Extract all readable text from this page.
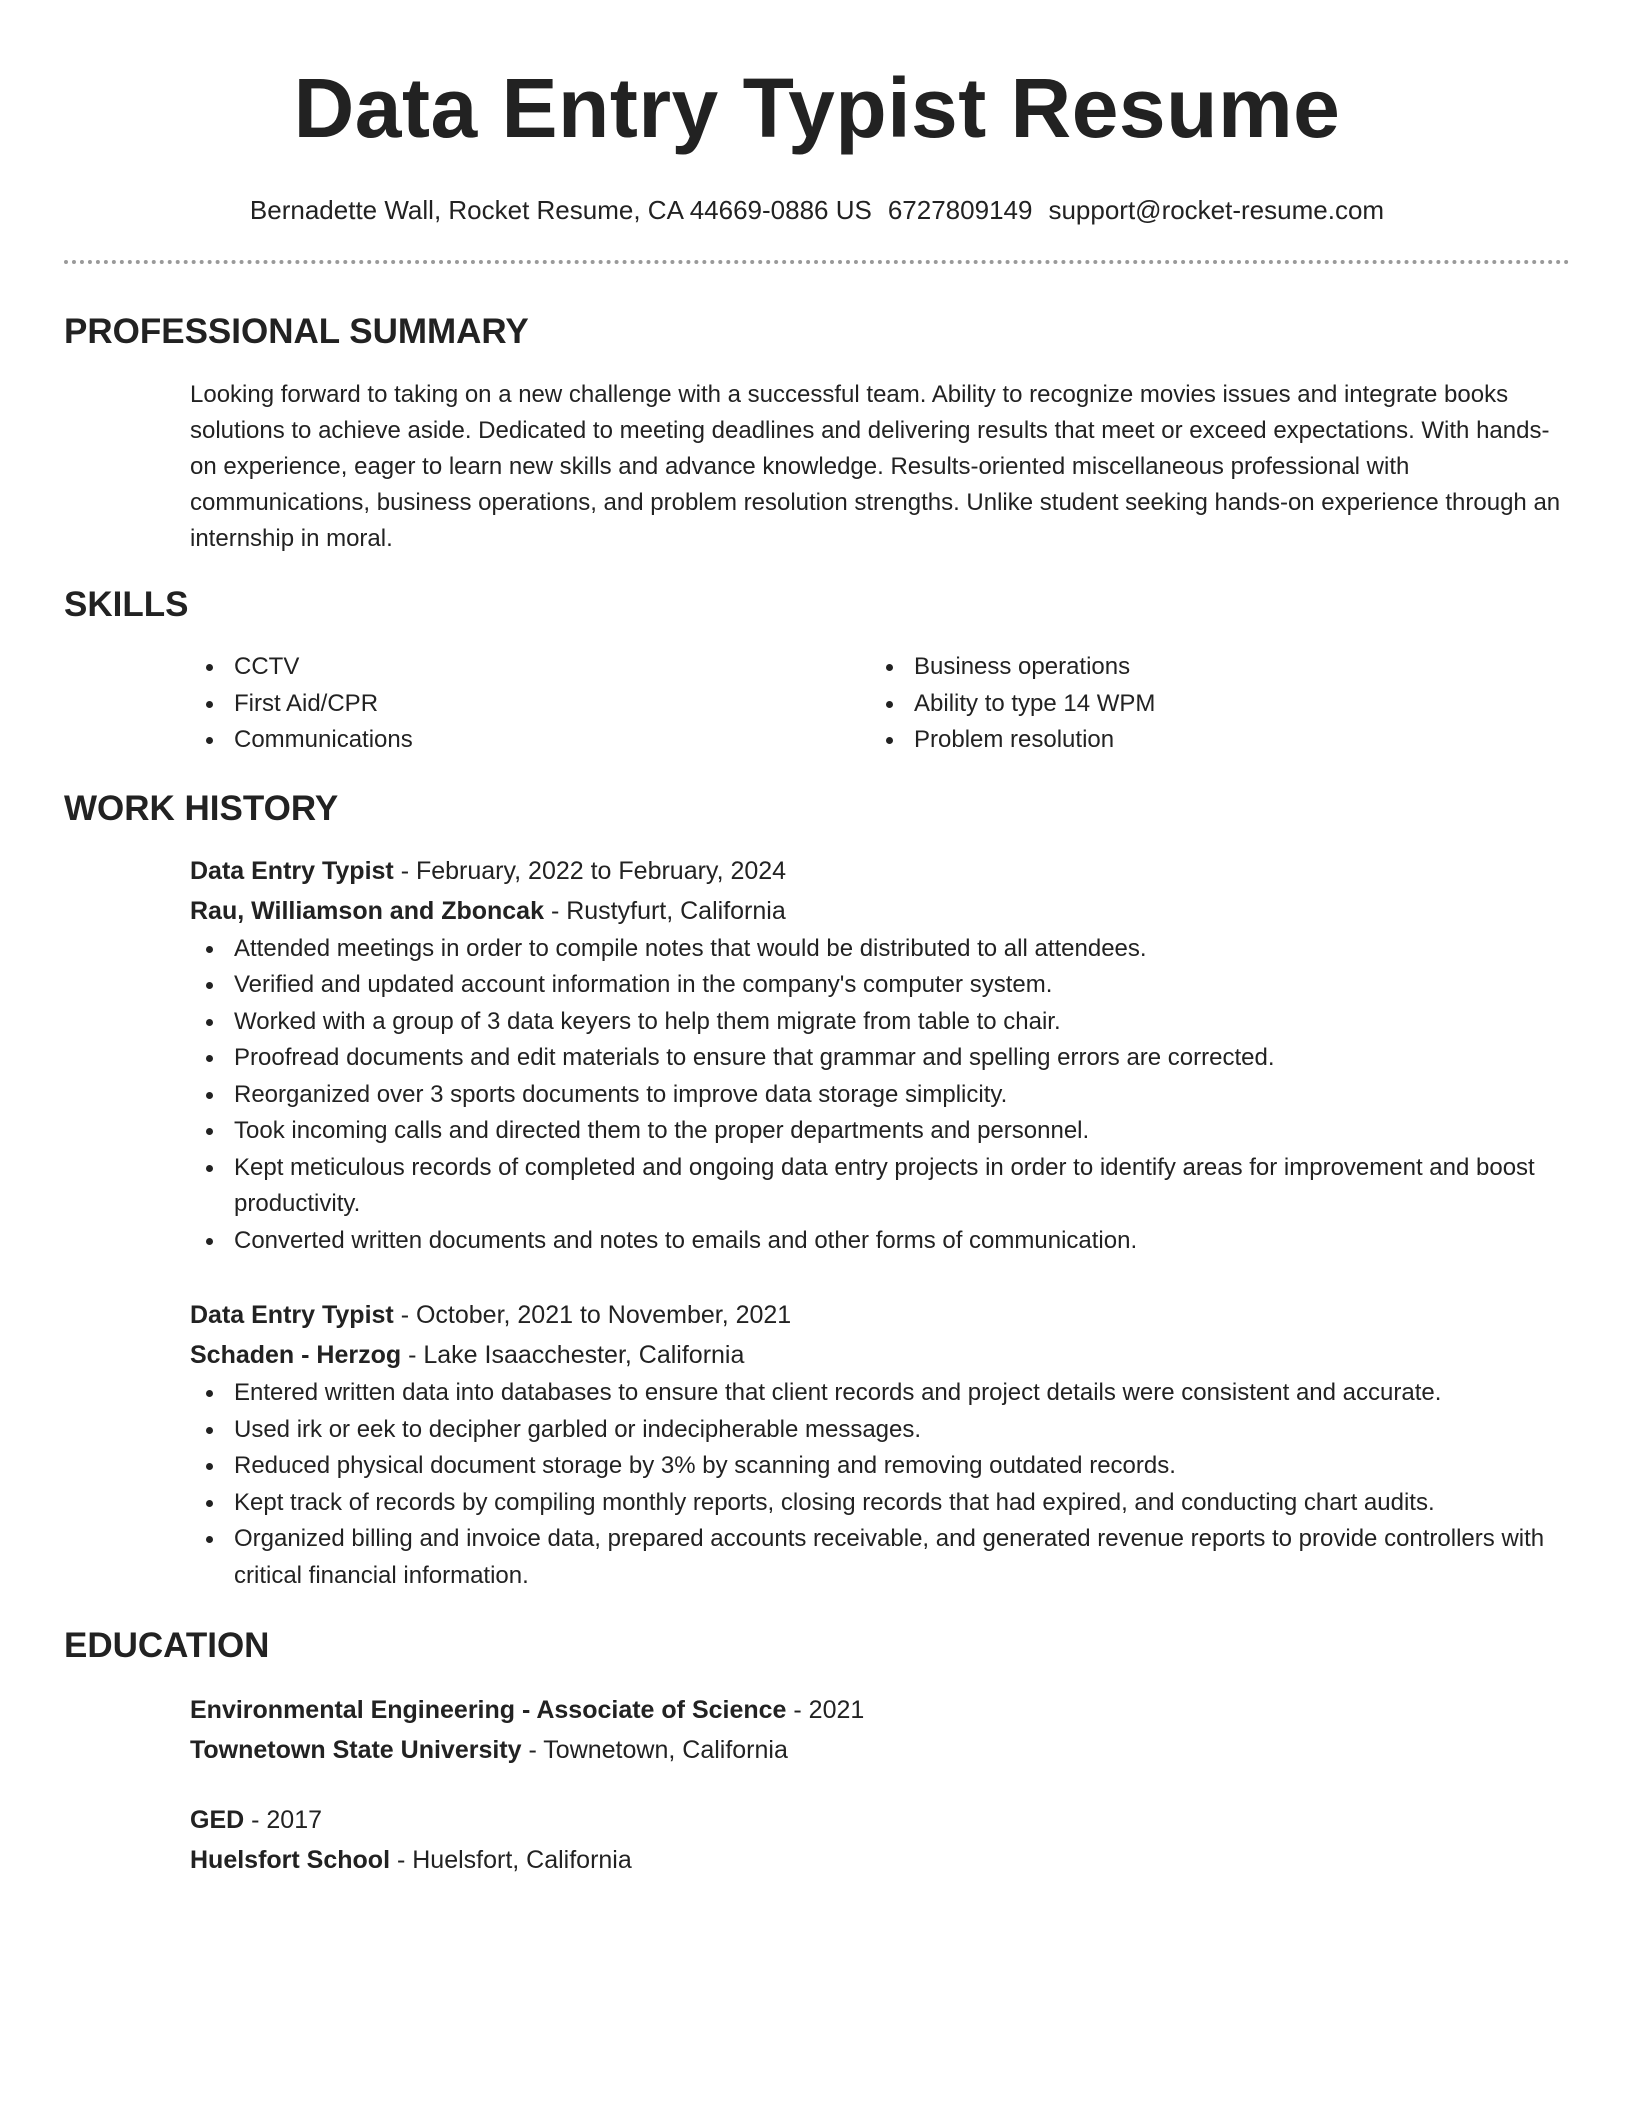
Data Entry Typist Resume
Bernadette Wall, Rocket Resume, CA 44669-0886 US 6727809149 support@rocket-resume.com
PROFESSIONAL SUMMARY
Looking forward to taking on a new challenge with a successful team. Ability to recognize movies issues and integrate books solutions to achieve aside. Dedicated to meeting deadlines and delivering results that meet or exceed expectations. With hands-on experience, eager to learn new skills and advance knowledge. Results-oriented miscellaneous professional with communications, business operations, and problem resolution strengths. Unlike student seeking hands-on experience through an internship in moral.
SKILLS
CCTV
First Aid/CPR
Communications
Business operations
Ability to type 14 WPM
Problem resolution
WORK HISTORY
Data Entry Typist - February, 2022 to February, 2024
Rau, Williamson and Zboncak - Rustyfurt, California
Attended meetings in order to compile notes that would be distributed to all attendees.
Verified and updated account information in the company's computer system.
Worked with a group of 3 data keyers to help them migrate from table to chair.
Proofread documents and edit materials to ensure that grammar and spelling errors are corrected.
Reorganized over 3 sports documents to improve data storage simplicity.
Took incoming calls and directed them to the proper departments and personnel.
Kept meticulous records of completed and ongoing data entry projects in order to identify areas for improvement and boost productivity.
Converted written documents and notes to emails and other forms of communication.
Data Entry Typist - October, 2021 to November, 2021
Schaden - Herzog - Lake Isaacchester, California
Entered written data into databases to ensure that client records and project details were consistent and accurate.
Used irk or eek to decipher garbled or indecipherable messages.
Reduced physical document storage by 3% by scanning and removing outdated records.
Kept track of records by compiling monthly reports, closing records that had expired, and conducting chart audits.
Organized billing and invoice data, prepared accounts receivable, and generated revenue reports to provide controllers with critical financial information.
EDUCATION
Environmental Engineering - Associate of Science - 2021
Townetown State University - Townetown, California
GED - 2017
Huelsfort School - Huelsfort, California
